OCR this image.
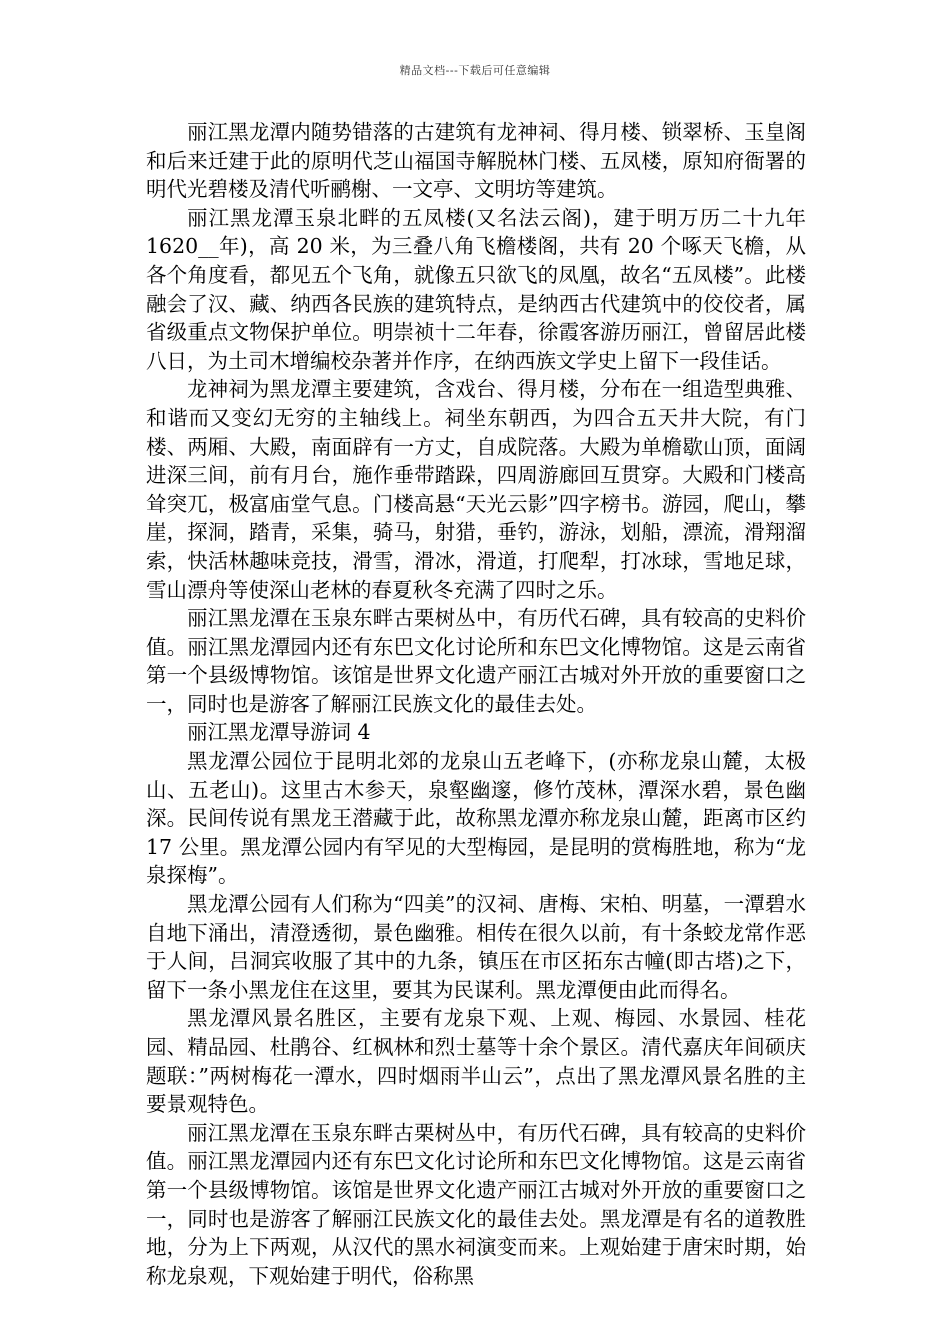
精品文档---下载后可任意编辑

丽江黑龙潭内随势错落的古建筑有龙神祠、得月楼、锁翠桥、玉皇阁和后来迁建于此的原明代芝山福国寺解脱林门楼、五凤楼，原知府衙署的明代光碧楼及清代听鹂榭、一文亭、文明坊等建筑。

丽江黑龙潭玉泉北畔的五凤楼(又名法云阁)，建于明万历二十九年 1620__年)，高 20 米，为三叠八角飞檐楼阁，共有 20 个啄天飞檐，从各个角度看，都见五个飞角，就像五只欲飞的凤凰，故名“五凤楼”。此楼融会了汉、藏、纳西各民族的建筑特点，是纳西古代建筑中的佼佼者，属省级重点文物保护单位。明崇祯十二年春，徐霞客游历丽江，曾留居此楼八日，为土司木增编校杂著并作序，在纳西族文学史上留下一段佳话。

龙神祠为黑龙潭主要建筑，含戏台、得月楼，分布在一组造型典雅、和谐而又变幻无穷的主轴线上。祠坐东朝西，为四合五天井大院，有门楼、两厢、大殿，南面辟有一方丈，自成院落。大殿为单檐歇山顶，面阔进深三间，前有月台，施作垂带踏跺，四周游廊回互贯穿。大殿和门楼高耸突兀，极富庙堂气息。门楼高悬“天光云影”四字榜书。游园，爬山，攀崖，探洞，踏青，采集，骑马，射猎，垂钓，游泳，划船，漂流，滑翔溜索，快活林趣味竞技，滑雪，滑冰，滑道，打爬犁，打冰球，雪地足球，雪山漂舟等使深山老林的春夏秋冬充满了四时之乐。

丽江黑龙潭在玉泉东畔古栗树丛中，有历代石碑，具有较高的史料价值。丽江黑龙潭园内还有东巴文化讨论所和东巴文化博物馆。这是云南省第一个县级博物馆。该馆是世界文化遗产丽江古城对外开放的重要窗口之一，同时也是游客了解丽江民族文化的最佳去处。

丽江黑龙潭导游词 4

黑龙潭公园位于昆明北郊的龙泉山五老峰下，(亦称龙泉山麓，太极山、五老山)。这里古木参天，泉壑幽邃，修竹茂林，潭深水碧，景色幽深。民间传说有黑龙王潜藏于此，故称黑龙潭亦称龙泉山麓，距离市区约 17 公里。黑龙潭公园内有罕见的大型梅园，是昆明的赏梅胜地，称为“龙泉探梅”。

黑龙潭公园有人们称为“四美”的汉祠、唐梅、宋柏、明墓，一潭碧水自地下涌出，清澄透彻，景色幽雅。相传在很久以前，有十条蛟龙常作恶于人间，吕洞宾收服了其中的九条，镇压在市区拓东古幢(即古塔)之下，留下一条小黑龙住在这里，要其为民谋利。黑龙潭便由此而得名。

黑龙潭风景名胜区，主要有龙泉下观、上观、梅园、水景园、桂花园、精品园、杜鹃谷、红枫林和烈士墓等十余个景区。清代嘉庆年间硕庆题联：”两树梅花一潭水，四时烟雨半山云”，点出了黑龙潭风景名胜的主要景观特色。

丽江黑龙潭在玉泉东畔古栗树丛中，有历代石碑，具有较高的史料价值。丽江黑龙潭园内还有东巴文化讨论所和东巴文化博物馆。这是云南省第一个县级博物馆。该馆是世界文化遗产丽江古城对外开放的重要窗口之一，同时也是游客了解丽江民族文化的最佳去处。黑龙潭是有名的道教胜地，分为上下两观，从汉代的黑水祠演变而来。上观始建于唐宋时期，始称龙泉观，下观始建于明代，俗称黑
